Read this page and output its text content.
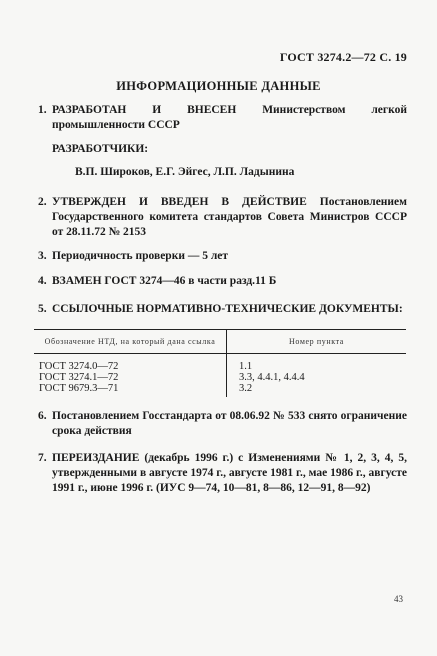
ГОСТ 3274.2—72 С. 19
ИНФОРМАЦИОННЫЕ ДАННЫЕ
1. РАЗРАБОТАН И ВНЕСЕН Министерством легкой промышленности СССР
РАЗРАБОТЧИКИ:
В.П. Широков, Е.Г. Эйгес, Л.П. Ладынина
2. УТВЕРЖДЕН И ВВЕДЕН В ДЕЙСТВИЕ Постановлением Государственного комитета стандартов Совета Министров СССР от 28.11.72 № 2153
3. Периодичность проверки — 5 лет
4. ВЗАМЕН ГОСТ 3274—46 в части разд.11 Б
5. ССЫЛОЧНЫЕ НОРМАТИВНО-ТЕХНИЧЕСКИЕ ДОКУМЕНТЫ:
Обозначение НТД, на который дана ссылка	Номер пункта
ГОСТ 3274.0—72	1.1
ГОСТ 3274.1—72	3.3, 4.4.1, 4.4.4
ГОСТ 9679.3—71	3.2
6. Постановлением Госстандарта от 08.06.92 № 533 снято ограничение срока действия
7. ПЕРЕИЗДАНИЕ (декабрь 1996 г.) с Изменениями № 1, 2, 3, 4, 5, утвержденными в августе 1974 г., августе 1981 г., мае 1986 г., августе 1991 г., июне 1996 г. (ИУС 9—74, 10—81, 8—86, 12—91, 8—92)
43
